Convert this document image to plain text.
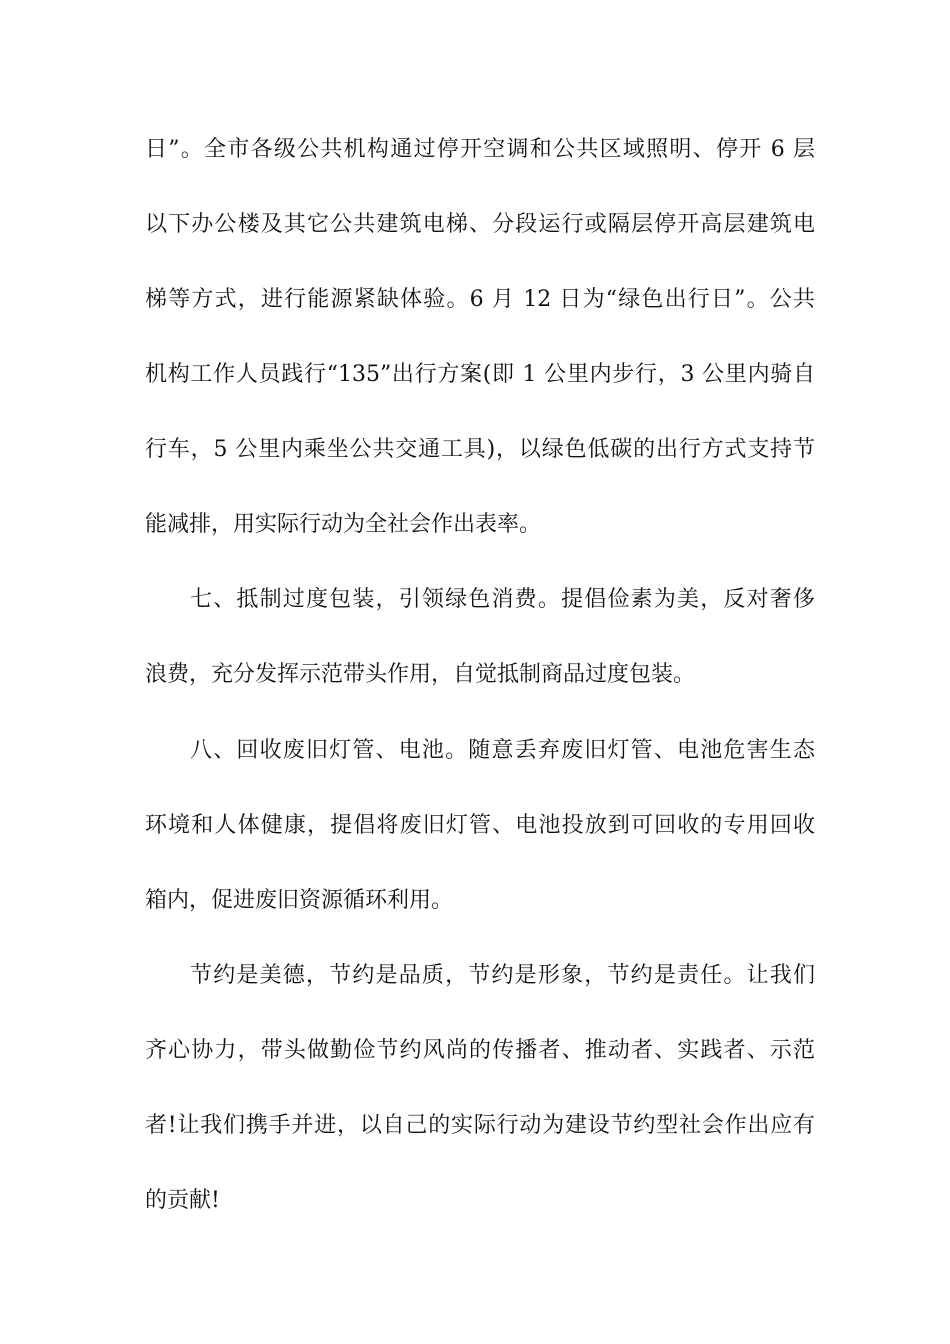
日”。全市各级公共机构通过停开空调和公共区域照明、停开 6 层
以下办公楼及其它公共建筑电梯、分段运行或隔层停开高层建筑电
梯等方式，进行能源紧缺体验。6 月 12 日为“绿色出行日”。公共
机构工作人员践行“135”出行方案(即 1 公里内步行，3 公里内骑自
行车，5 公里内乘坐公共交通工具)，以绿色低碳的出行方式支持节
能减排，用实际行动为全社会作出表率。
七、抵制过度包装，引领绿色消费。提倡俭素为美，反对奢侈
浪费，充分发挥示范带头作用，自觉抵制商品过度包装。
八、回收废旧灯管、电池。随意丢弃废旧灯管、电池危害生态
环境和人体健康，提倡将废旧灯管、电池投放到可回收的专用回收
箱内，促进废旧资源循环利用。
节约是美德，节约是品质，节约是形象，节约是责任。让我们
齐心协力，带头做勤俭节约风尚的传播者、推动者、实践者、示范
者!让我们携手并进，以自己的实际行动为建设节约型社会作出应有
的贡献!
